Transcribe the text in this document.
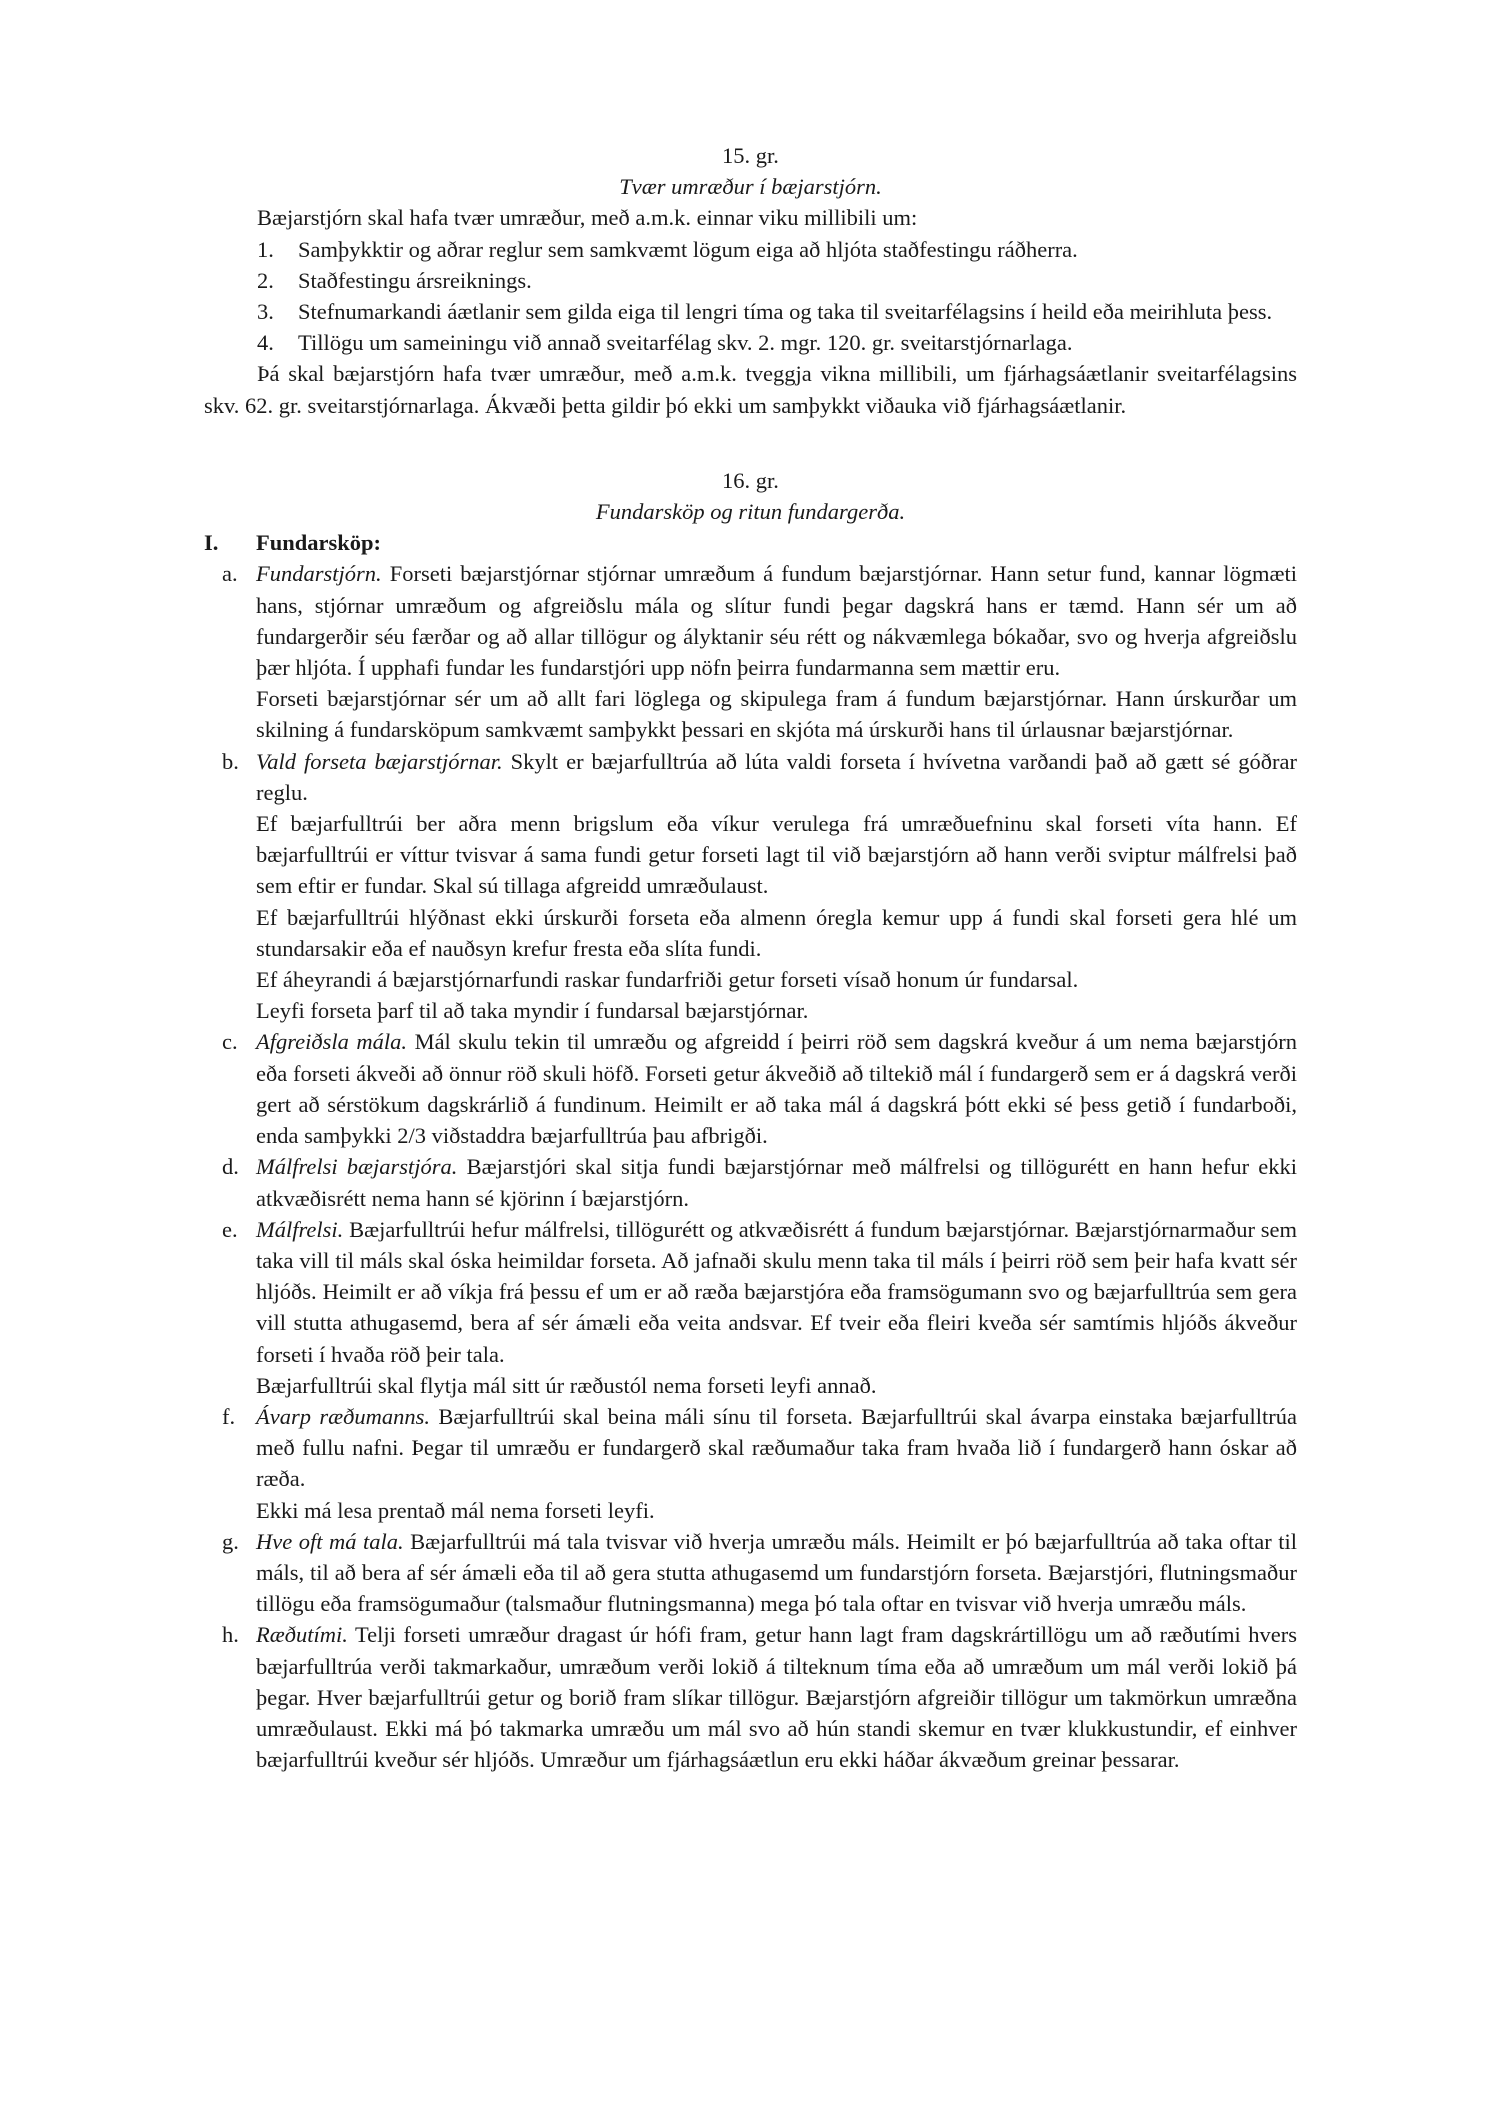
15. gr.

Tvær umræður í bæjarstjórn.

Bæjarstjórn skal hafa tvær umræður, með a.m.k. einnar viku millibili um:

1. Samþykktir og aðrar reglur sem samkvæmt lögum eiga að hljóta staðfestingu ráðherra.
2. Staðfestingu ársreiknings.
3. Stefnumarkandi áætlanir sem gilda eiga til lengri tíma og taka til sveitarfélagsins í heild eða meirihluta þess.
4. Tillögu um sameiningu við annað sveitarfélag skv. 2. mgr. 120. gr. sveitarstjórnarlaga.

Þá skal bæjarstjórn hafa tvær umræður, með a.m.k. tveggja vikna millibili, um fjárhagsáætlanir sveitarfélagsins skv. 62. gr. sveitarstjórnarlaga. Ákvæði þetta gildir þó ekki um samþykkt viðauka við fjárhagsáætlanir.

16. gr.

Fundarsköp og ritun fundargerða.

I. Fundarsköp:

a. Fundarstjórn. Forseti bæjarstjórnar stjórnar umræðum á fundum bæjarstjórnar. Hann setur fund, kannar lögmæti hans, stjórnar umræðum og afgreiðslu mála og slítur fundi þegar dagskrá hans er tæmd. Hann sér um að fundargerðir séu færðar og að allar tillögur og ályktanir séu rétt og nákvæmlega bókaðar, svo og hverja afgreiðslu þær hljóta. Í upphafi fundar les fundarstjóri upp nöfn þeirra fundarmanna sem mættir eru.

Forseti bæjarstjórnar sér um að allt fari löglega og skipulega fram á fundum bæjarstjórnar. Hann úrskurðar um skilning á fundarsköpum samkvæmt samþykkt þessari en skjóta má úrskurði hans til úrlausnar bæjarstjórnar.

b. Vald forseta bæjarstjórnar. Skylt er bæjarfulltrúa að lúta valdi forseta í hvívetna varðandi það að gætt sé góðrar reglu.

Ef bæjarfulltrúi ber aðra menn brigslum eða víkur verulega frá umræðuefninu skal forseti víta hann. Ef bæjarfulltrúi er víttur tvisvar á sama fundi getur forseti lagt til við bæjarstjórn að hann verði sviptur málfrelsi það sem eftir er fundar. Skal sú tillaga afgreidd umræðulaust.

Ef bæjarfulltrúi hlýðnast ekki úrskurði forseta eða almenn óregla kemur upp á fundi skal forseti gera hlé um stundarsakir eða ef nauðsyn krefur fresta eða slíta fundi.

Ef áheyrandi á bæjarstjórnarfundi raskar fundarfriði getur forseti vísað honum úr fundarsal.

Leyfi forseta þarf til að taka myndir í fundarsal bæjarstjórnar.

c. Afgreiðsla mála. Mál skulu tekin til umræðu og afgreidd í þeirri röð sem dagskrá kveður á um nema bæjarstjórn eða forseti ákveði að önnur röð skuli höfð. Forseti getur ákveðið að tiltekið mál í fundargerð sem er á dagskrá verði gert að sérstökum dagskrárlið á fundinum. Heimilt er að taka mál á dagskrá þótt ekki sé þess getið í fundarboði, enda samþykki 2/3 viðstaddra bæjarfulltrúa þau afbrigði.

d. Málfrelsi bæjarstjóra. Bæjarstjóri skal sitja fundi bæjarstjórnar með málfrelsi og tillögurétt en hann hefur ekki atkvæðisrétt nema hann sé kjörinn í bæjarstjórn.

e. Málfrelsi. Bæjarfulltrúi hefur málfrelsi, tillögurétt og atkvæðisrétt á fundum bæjarstjórnar. Bæjarstjórnarmaður sem taka vill til máls skal óska heimildar forseta. Að jafnaði skulu menn taka til máls í þeirri röð sem þeir hafa kvatt sér hljóðs. Heimilt er að víkja frá þessu ef um er að ræða bæjarstjóra eða framsögumann svo og bæjarfulltrúa sem gera vill stutta athugasemd, bera af sér ámæli eða veita andsvar. Ef tveir eða fleiri kveða sér samtímis hljóðs ákveður forseti í hvaða röð þeir tala.

Bæjarfulltrúi skal flytja mál sitt úr ræðustól nema forseti leyfi annað.

f. Ávarp ræðumanns. Bæjarfulltrúi skal beina máli sínu til forseta. Bæjarfulltrúi skal ávarpa einstaka bæjarfulltrúa með fullu nafni. Þegar til umræðu er fundargerð skal ræðumaður taka fram hvaða lið í fundargerð hann óskar að ræða.

Ekki má lesa prentað mál nema forseti leyfi.

g. Hve oft má tala. Bæjarfulltrúi má tala tvisvar við hverja umræðu máls. Heimilt er þó bæjarfulltrúa að taka oftar til máls, til að bera af sér ámæli eða til að gera stutta athugasemd um fundarstjórn forseta. Bæjarstjóri, flutningsmaður tillögu eða framsögumaður (talsmaður flutningsmanna) mega þó tala oftar en tvisvar við hverja umræðu máls.

h. Ræðutími. Telji forseti umræður dragast úr hófi fram, getur hann lagt fram dagskrártillögu um að ræðutími hvers bæjarfulltrúa verði takmarkaður, umræðum verði lokið á tilteknum tíma eða að umræðum um mál verði lokið þá þegar. Hver bæjarfulltrúi getur og borið fram slíkar tillögur. Bæjarstjórn afgreiðir tillögur um takmörkun umræðna umræðulaust. Ekki má þó takmarka umræðu um mál svo að hún standi skemur en tvær klukkustundir, ef einhver bæjarfulltrúi kveður sér hljóðs. Umræður um fjárhagsáætlun eru ekki háðar ákvæðum greinar þessarar.
